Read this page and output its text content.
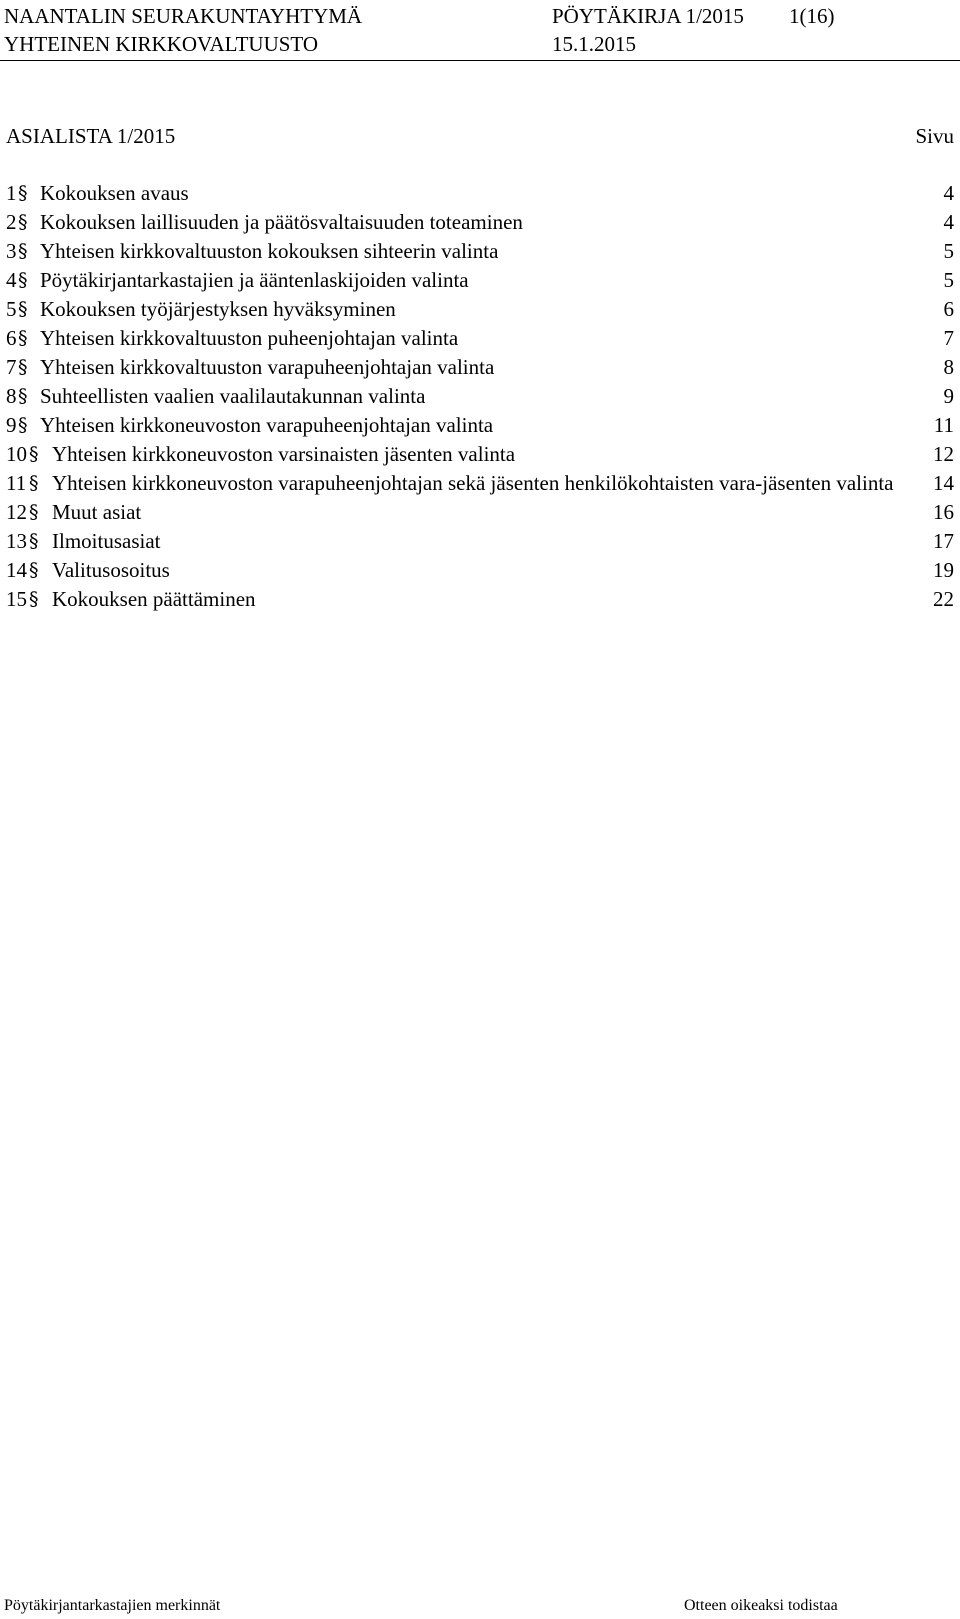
NAANTALIN SEURAKUNTAYHTYMÄ	PÖYTÄKIRJA 1/2015 1(16)
YHTEINEN KIRKKOVALTUUSTO	15.1.2015
ASIALISTA 1/2015	Sivu
1 § Kokouksen avaus	4
2 § Kokouksen laillisuuden ja päätösvaltaisuuden toteaminen	4
3 § Yhteisen kirkkovaltuuston kokouksen sihteerin valinta	5
4 § Pöytäkirjantarkastajien ja ääntenlaskijoiden valinta	5
5 § Kokouksen työjärjestyksen hyväksyminen	6
6 § Yhteisen kirkkovaltuuston puheenjohtajan valinta	7
7 § Yhteisen kirkkovaltuuston varapuheenjohtajan valinta	8
8 § Suhteellisten vaalien vaalilautakunnan valinta	9
9 § Yhteisen kirkkoneuvoston varapuheenjohtajan valinta	11
10 § Yhteisen kirkkoneuvoston varsinaisten jäsenten valinta	12
11 § Yhteisen kirkkoneuvoston varapuheenjohtajan sekä jäsenten henkilökohtaisten vara-jäsenten valinta 14
12 § Muut asiat	16
13 § Ilmoitusasiat	17
14 § Valitusosoitus	19
15 § Kokouksen päättäminen	22
Pöytäkirjantarkastajien merkinnät	Otteen oikeaksi todistaa
